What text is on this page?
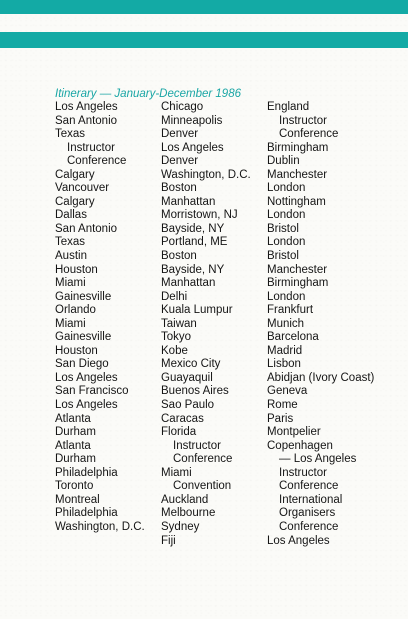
Itinerary — January-December 1986
Los Angeles
San Antonio
Texas
Instructor
Conference
Calgary
Vancouver
Calgary
Dallas
San Antonio
Texas
Austin
Houston
Miami
Gainesville
Orlando
Miami
Gainesville
Houston
San Diego
Los Angeles
San Francisco
Los Angeles
Atlanta
Durham
Atlanta
Durham
Philadelphia
Toronto
Montreal
Philadelphia
Washington, D.C.
Chicago
Minneapolis
Denver
Los Angeles
Denver
Washington, D.C.
Boston
Manhattan
Morristown, NJ
Bayside, NY
Portland, ME
Boston
Bayside, NY
Manhattan
Delhi
Kuala Lumpur
Taiwan
Tokyo
Kobe
Mexico City
Guayaquil
Buenos Aires
Sao Paulo
Caracas
Florida
Instructor
Conference
Miami
Convention
Auckland
Melbourne
Sydney
Fiji
England
Instructor
Conference
Birmingham
Dublin
Manchester
London
Nottingham
London
Bristol
London
Bristol
Manchester
Birmingham
London
Frankfurt
Munich
Barcelona
Madrid
Lisbon
Abidjan (Ivory Coast)
Geneva
Rome
Paris
Montpelier
Copenhagen
— Los Angeles
Instructor
Conference
International
Organisers
Conference
Los Angeles
